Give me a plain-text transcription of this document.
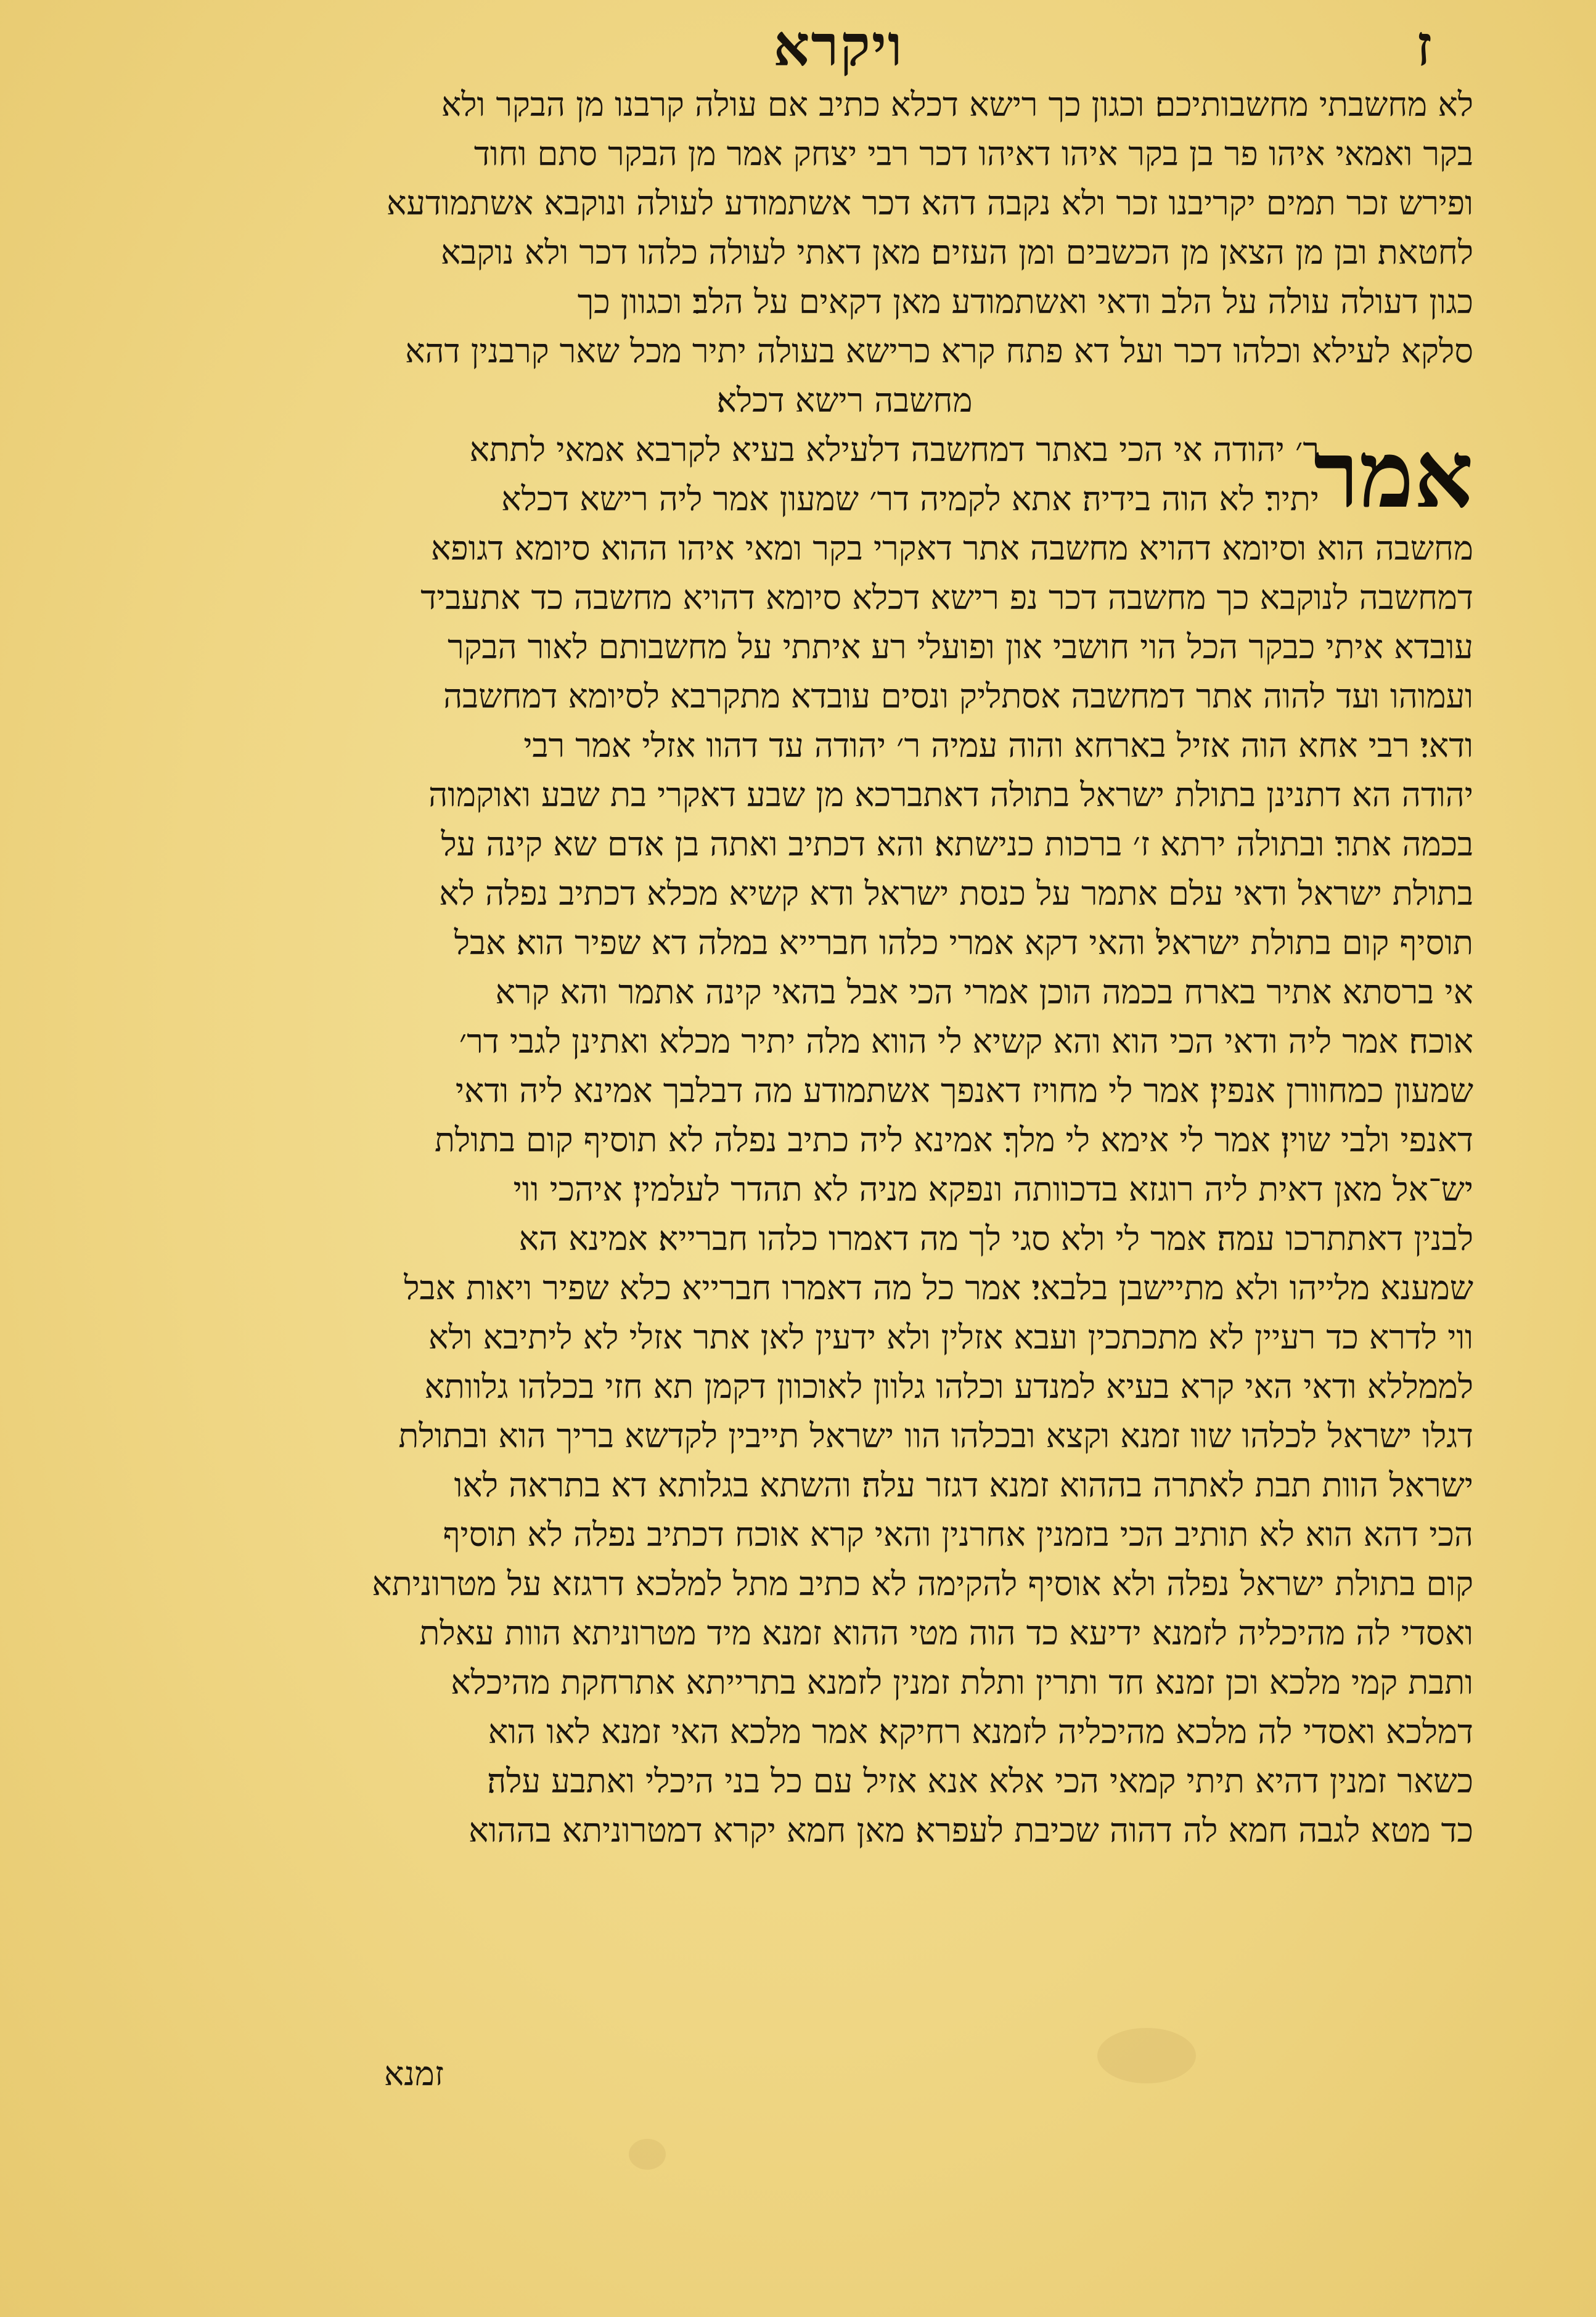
ז
ויקרא
לא מחשבתי מחשבותיכם׃ וכגון כך רישא דכלא כתיב אם עולה קרבנו מן הבקר ולא
בקר ואמאי איהו פר בן בקר איהו דאיהו דכר רבי יצחק אמר מן הבקר סתם וחוד
ופירש זכר תמים יקריבנו זכר ולא נקבה דהא דכר אשתמודע לעולה ונוקבא אשתמודעא
לחטאת׃ ובן מן הצאן מן הכשבים ומן העזים׃ מאן דאתי לעולה כלהו דכר ולא נוקבא
כגון דעולה עולה על הלב ודאי ואשתמודע מאן דקאים על הלב׃ וכגוון כך
סלקא לעילא וכלהו דכר ועל דא פתח קרא כרישא בעולה יתיר מכל שאר קרבנין דהא
מחשבה רישא דכלא׃
אמר
ר׳ יהודה אי הכי באתר דמחשבה דלעילא בעיא לקרבא אמאי לתתא
יתיר׃ לא הוה בידיה׃ אתא לקמיה דר׳ שמעון אמר ליה רישא דכלא
מחשבה הוא וסיומא דהויא מחשבה אתר דאקרי בקר ומאי איהו ההוא סיומא דגופא
דמחשבה לנוקבא כך מחשבה דכר נפ רישא דכלא סיומא דהויא מחשבה כד אתעביד
עובדא איתי כבקר הכל הוי חושבי און ופועלי רע איתתי על מחשבותם לאור הבקר
ועמוהו ועד להוה אתר דמחשבה אסתליק ונסים עובדא מתקרבא לסיומא דמחשבה
ודאי׃ רבי אחא הוה אזיל בארחא והוה עמיה ר׳ יהודה עד דהוו אזלי אמר רבי
יהודה הא דתנינן בתולת ישראל בתולה דאתברכא מן שבע דאקרי בת שבע ואוקמוה
בכמה אתר׃ ובתולה ירתא ז׳ ברכות כנישתא׃ והא דכתיב ואתה בן אדם שא קינה על
בתולת ישראל ודאי עלם אתמר על כנסת ישראל ודא קשיא מכלא דכתיב נפלה לא
תוסיף קום בתולת ישראל׃ והאי דקא אמרי כלהו חברייא במלה דא שפיר הוא׃ אבל
אי ברסתא אתיר בארח בכמה הוכן אמרי הכי אבל בהאי קינה אתמר והא קרא
אוכח׃ אמר ליה ודאי הכי הוא והא קשיא לי הווא מלה יתיר מכלא ואתינן לגבי דר׳
שמעון כמחוורן אנפין׃ אמר לי מחויז דאנפך אשתמודע מה דבלבך אמינא ליה ודאי
דאנפי ולבי שוין׃ אמר לי אימא לי מלך׃ אמינא ליה כתיב נפלה לא תוסיף קום בתולת
יש־אל מאן דאית ליה רוגזא בדכוותה ונפקא מניה לא תהדר לעלמין׃ איהכי ווי
לבנין דאתתרכו עמה׃ אמר לי ולא סגי לך מה דאמרו כלהו חברייא׃ אמינא הא
שמענא מלייהו ולא מתיישבן בלבאי׃ אמר כל מה דאמרו חברייא כלא שפיר ויאות אבל
ווי לדרא כד רעיין לא מתכתכין ועבא אזלין ולא ידעין לאן אתר אזלי לא ליתיבא ולא
לממללא ודאי האי קרא בעיא למנדע וכלהו גלוון לאוכוון דקמן תא חזי בכלהו גלוותא
דגלו ישראל לכלהו שוו זמנא וקצא ובכלהו הוו ישראל תייבין לקדשא בריך הוא ובתולת
ישראל הוות תבת לאתרה בההוא זמנא דגזר עלה׃ והשתא בגלותא דא בתראה לאו
הכי דהא הוא לא תותיב הכי בזמנין אחרנין והאי קרא אוכח דכתיב נפלה לא תוסיף
קום בתולת ישראל נפלה ולא אוסיף להקימה לא כתיב מתל למלכא דרגזא על מטרוניתא
ואסדי לה מהיכליה לזמנא ידיעא כד הוה מטי ההוא זמנא מיד מטרוניתא הוות עאלת
ותבת קמי מלכא וכן זמנא חד ותרין ותלת זמנין לזמנא בתרייתא אתרחקת מהיכלא
דמלכא ואסדי לה מלכא מהיכליה לזמנא רחיקא׃ אמר מלכא האי זמנא לאו הוא
כשאר זמנין דהיא תיתי קמאי הכי אלא אנא אזיל עם כל בני היכלי ואתבע עלה׃
כד מטא לגבה חמא לה דהוה שכיבת לעפרא׃ מאן חמא יקרא דמטרוניתא בההוא
זמנא
